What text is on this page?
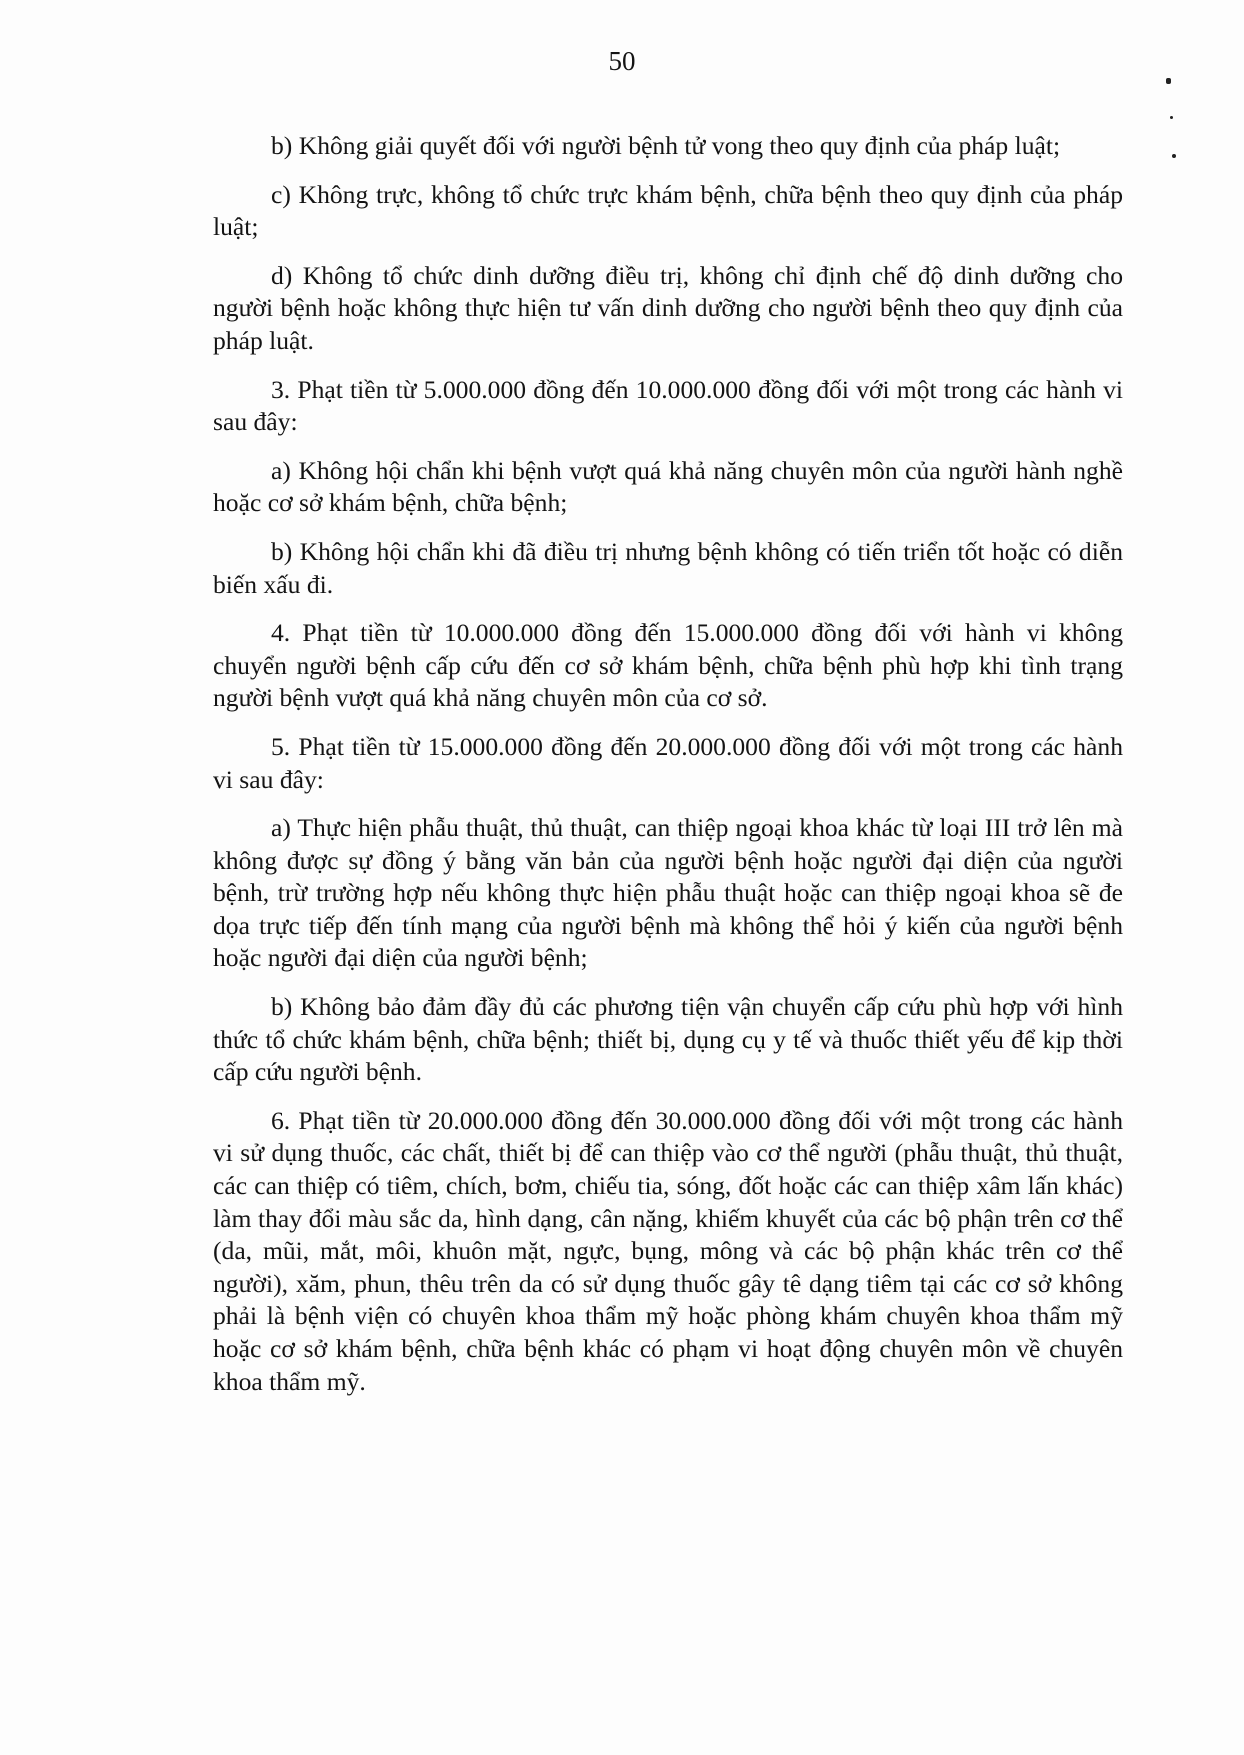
50

b) Không giải quyết đối với người bệnh tử vong theo quy định của pháp luật;

c) Không trực, không tổ chức trực khám bệnh, chữa bệnh theo quy định của pháp luật;

d) Không tổ chức dinh dưỡng điều trị, không chỉ định chế độ dinh dưỡng cho người bệnh hoặc không thực hiện tư vấn dinh dưỡng cho người bệnh theo quy định của pháp luật.

3. Phạt tiền từ 5.000.000 đồng đến 10.000.000 đồng đối với một trong các hành vi sau đây:

a) Không hội chẩn khi bệnh vượt quá khả năng chuyên môn của người hành nghề hoặc cơ sở khám bệnh, chữa bệnh;

b) Không hội chẩn khi đã điều trị nhưng bệnh không có tiến triển tốt hoặc có diễn biến xấu đi.

4. Phạt tiền từ 10.000.000 đồng đến 15.000.000 đồng đối với hành vi không chuyển người bệnh cấp cứu đến cơ sở khám bệnh, chữa bệnh phù hợp khi tình trạng người bệnh vượt quá khả năng chuyên môn của cơ sở.

5. Phạt tiền từ 15.000.000 đồng đến 20.000.000 đồng đối với một trong các hành vi sau đây:

a) Thực hiện phẫu thuật, thủ thuật, can thiệp ngoại khoa khác từ loại III trở lên mà không được sự đồng ý bằng văn bản của người bệnh hoặc người đại diện của người bệnh, trừ trường hợp nếu không thực hiện phẫu thuật hoặc can thiệp ngoại khoa sẽ đe dọa trực tiếp đến tính mạng của người bệnh mà không thể hỏi ý kiến của người bệnh hoặc người đại diện của người bệnh;

b) Không bảo đảm đầy đủ các phương tiện vận chuyển cấp cứu phù hợp với hình thức tổ chức khám bệnh, chữa bệnh; thiết bị, dụng cụ y tế và thuốc thiết yếu để kịp thời cấp cứu người bệnh.

6. Phạt tiền từ 20.000.000 đồng đến 30.000.000 đồng đối với một trong các hành vi sử dụng thuốc, các chất, thiết bị để can thiệp vào cơ thể người (phẫu thuật, thủ thuật, các can thiệp có tiêm, chích, bơm, chiếu tia, sóng, đốt hoặc các can thiệp xâm lấn khác) làm thay đổi màu sắc da, hình dạng, cân nặng, khiếm khuyết của các bộ phận trên cơ thể (da, mũi, mắt, môi, khuôn mặt, ngực, bụng, mông và các bộ phận khác trên cơ thể người), xăm, phun, thêu trên da có sử dụng thuốc gây tê dạng tiêm tại các cơ sở không phải là bệnh viện có chuyên khoa thẩm mỹ hoặc phòng khám chuyên khoa thẩm mỹ hoặc cơ sở khám bệnh, chữa bệnh khác có phạm vi hoạt động chuyên môn về chuyên khoa thẩm mỹ.
